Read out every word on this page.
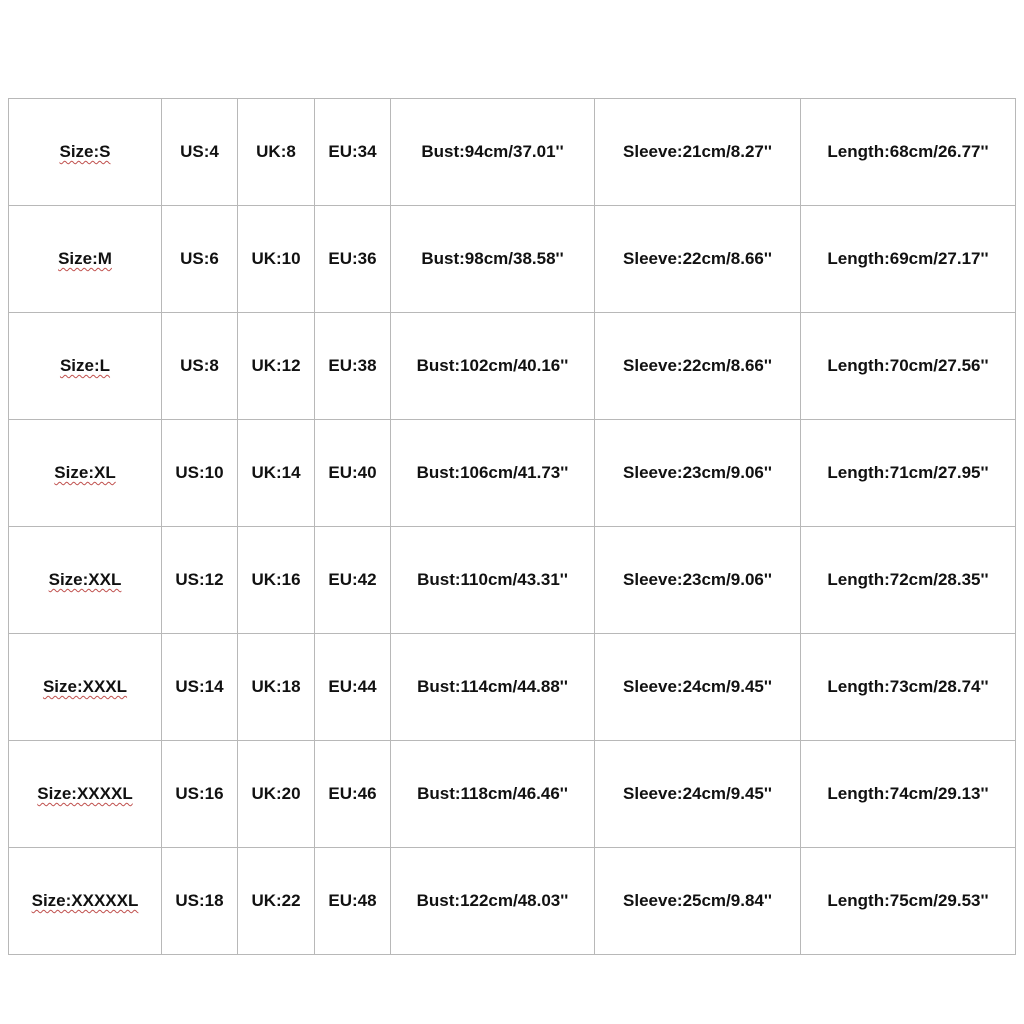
Size:S	US:4	UK:8	EU:34	Bust:94cm/37.01''	Sleeve:21cm/8.27''	Length:68cm/26.77''
Size:M	US:6	UK:10	EU:36	Bust:98cm/38.58''	Sleeve:22cm/8.66''	Length:69cm/27.17''
Size:L	US:8	UK:12	EU:38	Bust:102cm/40.16''	Sleeve:22cm/8.66''	Length:70cm/27.56''
Size:XL	US:10	UK:14	EU:40	Bust:106cm/41.73''	Sleeve:23cm/9.06''	Length:71cm/27.95''
Size:XXL	US:12	UK:16	EU:42	Bust:110cm/43.31''	Sleeve:23cm/9.06''	Length:72cm/28.35''
Size:XXXL	US:14	UK:18	EU:44	Bust:114cm/44.88''	Sleeve:24cm/9.45''	Length:73cm/28.74''
Size:XXXXL	US:16	UK:20	EU:46	Bust:118cm/46.46''	Sleeve:24cm/9.45''	Length:74cm/29.13''
Size:XXXXXL	US:18	UK:22	EU:48	Bust:122cm/48.03''	Sleeve:25cm/9.84''	Length:75cm/29.53''
